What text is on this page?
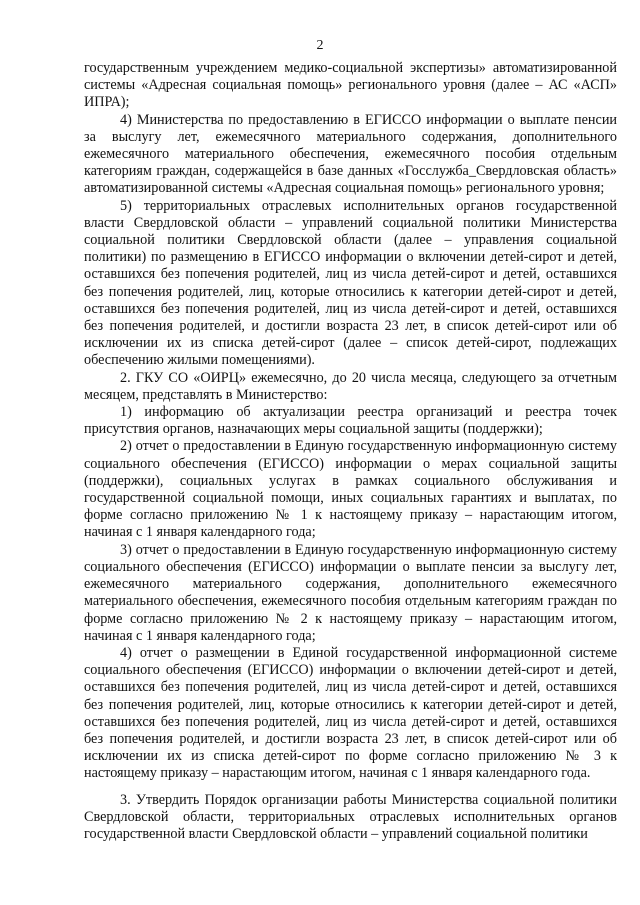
2

государственным учреждением медико-социальной экспертизы» автоматизированной системы «Адресная социальная помощь» регионального уровня (далее – АС «АСП» ИПРА);

4) Министерства по предоставлению в ЕГИССО информации о выплате пенсии за выслугу лет, ежемесячного материального содержания, дополнительного ежемесячного материального обеспечения, ежемесячного пособия отдельным категориям граждан, содержащейся в базе данных «Госслужба_Свердловская область» автоматизированной системы «Адресная социальная помощь» регионального уровня;

5) территориальных отраслевых исполнительных органов государственной власти Свердловской области – управлений социальной политики Министерства социальной политики Свердловской области (далее – управления социальной политики) по размещению в ЕГИССО информации о включении детей-сирот и детей, оставшихся без попечения родителей, лиц из числа детей-сирот и детей, оставшихся без попечения родителей, лиц, которые относились к категории детей-сирот и детей, оставшихся без попечения родителей, лиц из числа детей-сирот и детей, оставшихся без попечения родителей, и достигли возраста 23 лет, в список детей-сирот или об исключении их из списка детей-сирот (далее – список детей-сирот, подлежащих обеспечению жилыми помещениями).

2. ГКУ СО «ОИРЦ» ежемесячно, до 20 числа месяца, следующего за отчетным месяцем, представлять в Министерство:

1) информацию об актуализации реестра организаций и реестра точек присутствия органов, назначающих меры социальной защиты (поддержки);

2) отчет о предоставлении в Единую государственную информационную систему социального обеспечения (ЕГИССО) информации о мерах социальной защиты (поддержки), социальных услугах в рамках социального обслуживания и государственной социальной помощи, иных социальных гарантиях и выплатах, по форме согласно приложению № 1 к настоящему приказу – нарастающим итогом, начиная с 1 января календарного года;

3) отчет о предоставлении в Единую государственную информационную систему социального обеспечения (ЕГИССО) информации о выплате пенсии за выслугу лет, ежемесячного материального содержания, дополнительного ежемесячного материального обеспечения, ежемесячного пособия отдельным категориям граждан по форме согласно приложению № 2 к настоящему приказу – нарастающим итогом, начиная с 1 января календарного года;

4) отчет о размещении в Единой государственной информационной системе социального обеспечения (ЕГИССО) информации о включении детей-сирот и детей, оставшихся без попечения родителей, лиц из числа детей-сирот и детей, оставшихся без попечения родителей, лиц, которые относились к категории детей-сирот и детей, оставшихся без попечения родителей, лиц из числа детей-сирот и детей, оставшихся без попечения родителей, и достигли возраста 23 лет, в список детей-сирот или об исключении их из списка детей-сирот по форме согласно приложению № 3 к настоящему приказу – нарастающим итогом, начиная с 1 января календарного года.

3. Утвердить Порядок организации работы Министерства социальной политики Свердловской области, территориальных отраслевых исполнительных органов государственной власти Свердловской области – управлений социальной политики
